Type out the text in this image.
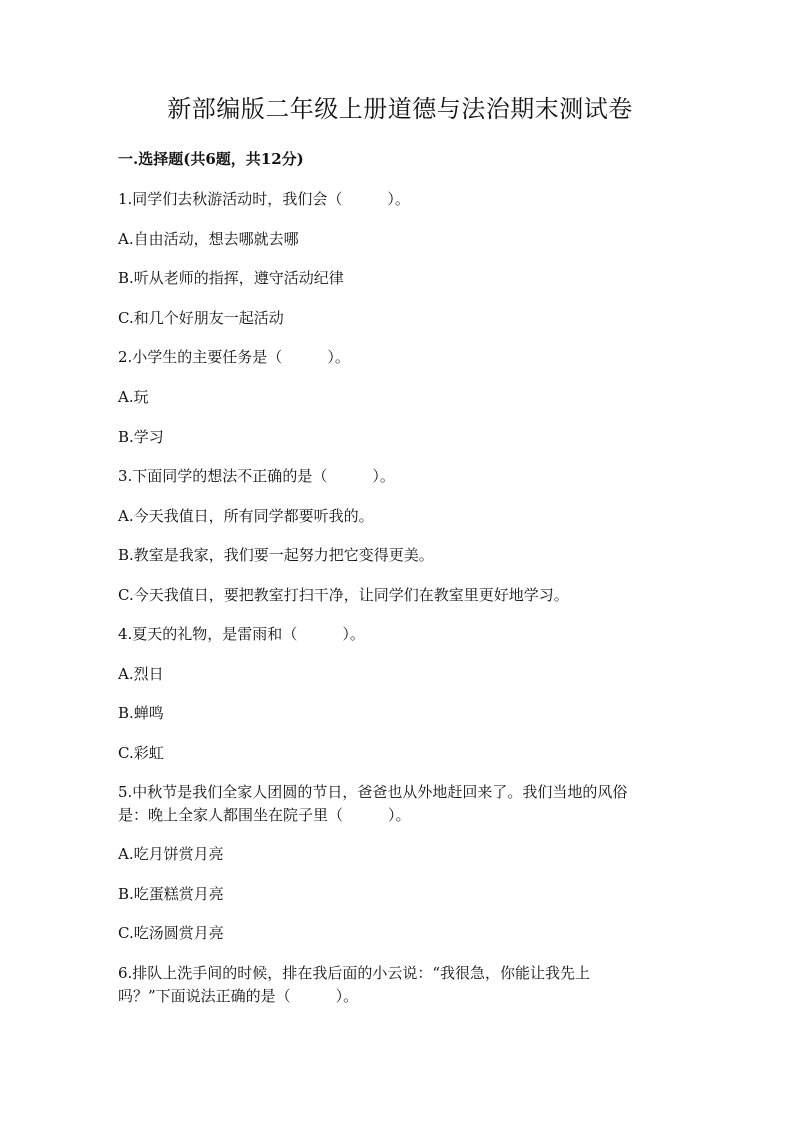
新部编版二年级上册道德与法治期末测试卷
一.选择题(共6题，共12分)
1.同学们去秋游活动时，我们会（　　　）。
A.自由活动，想去哪就去哪
B.听从老师的指挥，遵守活动纪律
C.和几个好朋友一起活动
2.小学生的主要任务是（　　　）。
A.玩
B.学习
3.下面同学的想法不正确的是（　　　）。
A.今天我值日，所有同学都要听我的。
B.教室是我家，我们要一起努力把它变得更美。
C.今天我值日，要把教室打扫干净，让同学们在教室里更好地学习。
4.夏天的礼物，是雷雨和（　　　）。
A.烈日
B.蝉鸣
C.彩虹
5.中秋节是我们全家人团圆的节日，爸爸也从外地赶回来了。我们当地的风俗
是：晚上全家人都围坐在院子里（　　　）。
A.吃月饼赏月亮
B.吃蛋糕赏月亮
C.吃汤圆赏月亮
6.排队上洗手间的时候，排在我后面的小云说：“我很急，你能让我先上
吗？”下面说法正确的是（　　　）。
